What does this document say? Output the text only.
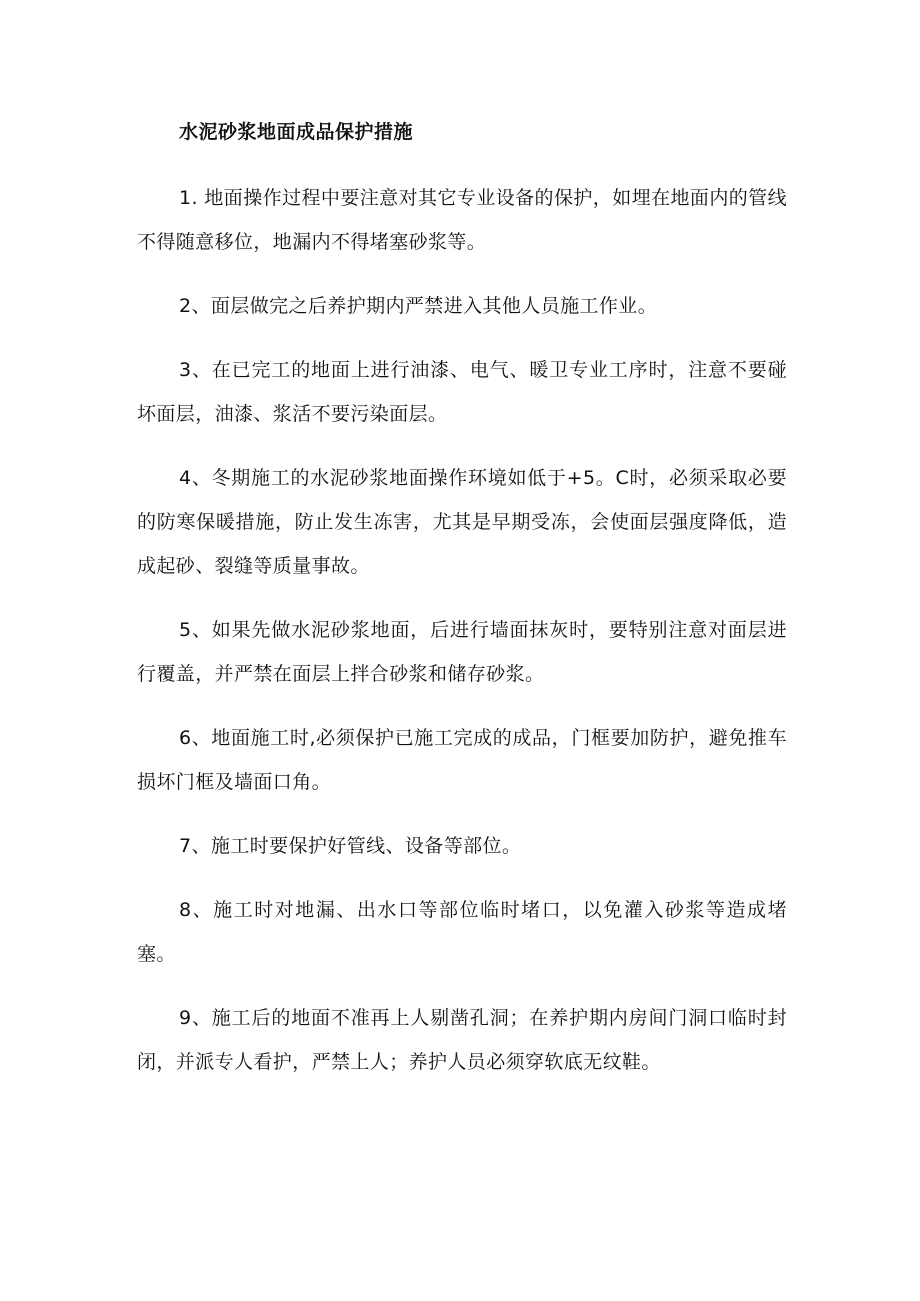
水泥砂浆地面成品保护措施

1. 地面操作过程中要注意对其它专业设备的保护，如埋在地面内的管线不得随意移位，地漏内不得堵塞砂浆等。

2、面层做完之后养护期内严禁进入其他人员施工作业。

3、在已完工的地面上进行油漆、电气、暖卫专业工序时，注意不要碰坏面层，油漆、浆活不要污染面层。

4、冬期施工的水泥砂浆地面操作环境如低于+5。C时，必须采取必要的防寒保暖措施，防止发生冻害，尤其是早期受冻，会使面层强度降低，造成起砂、裂缝等质量事故。

5、如果先做水泥砂浆地面，后进行墙面抹灰时，要特别注意对面层进行覆盖，并严禁在面层上拌合砂浆和储存砂浆。

6、地面施工时,必须保护已施工完成的成品，门框要加防护，避免推车损坏门框及墙面口角。

7、施工时要保护好管线、设备等部位。

8、施工时对地漏、出水口等部位临时堵口，以免灌入砂浆等造成堵塞。

9、施工后的地面不准再上人剔凿孔洞；在养护期内房间门洞口临时封闭，并派专人看护，严禁上人；养护人员必须穿软底无纹鞋。
